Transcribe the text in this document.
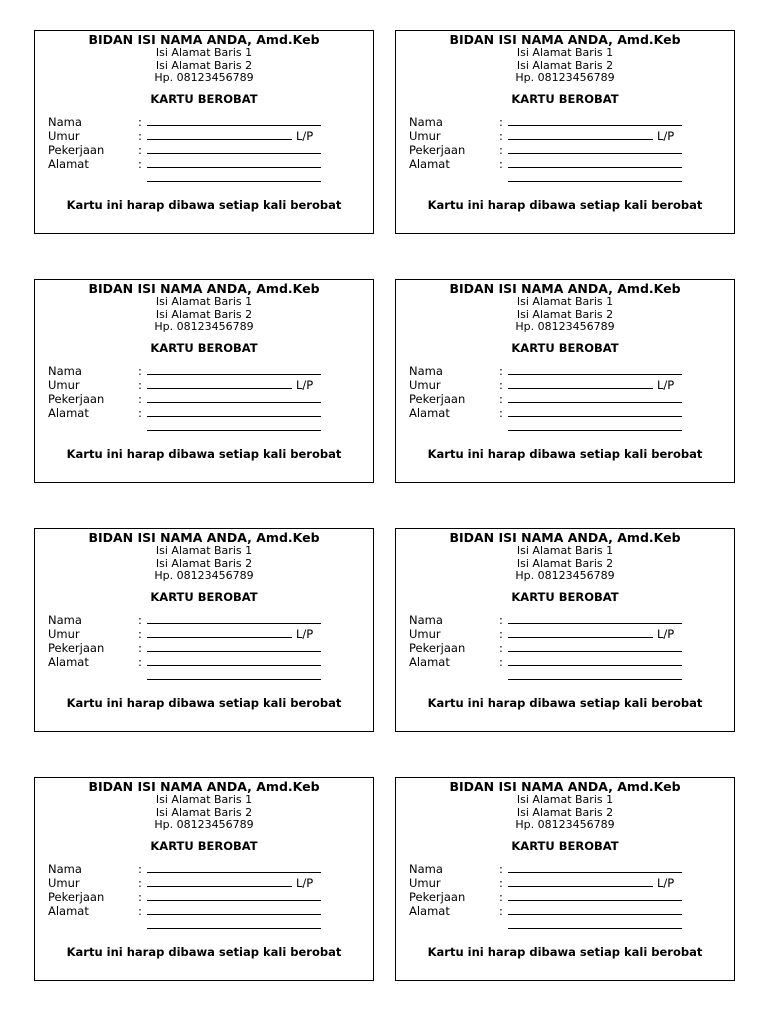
BIDAN ISI NAMA ANDA, Amd.Keb
Isi Alamat Baris 1
Isi Alamat Baris 2
Hp. 08123456789
KARTU BEROBAT
Nama	:
Umur	:	L/P
Pekerjaan	:
Alamat	:
Kartu ini harap dibawa setiap kali berobat
BIDAN ISI NAMA ANDA, Amd.Keb
Isi Alamat Baris 1
Isi Alamat Baris 2
Hp. 08123456789
KARTU BEROBAT
Nama	:
Umur	:	L/P
Pekerjaan	:
Alamat	:
Kartu ini harap dibawa setiap kali berobat
BIDAN ISI NAMA ANDA, Amd.Keb
Isi Alamat Baris 1
Isi Alamat Baris 2
Hp. 08123456789
KARTU BEROBAT
Nama	:
Umur	:	L/P
Pekerjaan	:
Alamat	:
Kartu ini harap dibawa setiap kali berobat
BIDAN ISI NAMA ANDA, Amd.Keb
Isi Alamat Baris 1
Isi Alamat Baris 2
Hp. 08123456789
KARTU BEROBAT
Nama	:
Umur	:	L/P
Pekerjaan	:
Alamat	:
Kartu ini harap dibawa setiap kali berobat
BIDAN ISI NAMA ANDA, Amd.Keb
Isi Alamat Baris 1
Isi Alamat Baris 2
Hp. 08123456789
KARTU BEROBAT
Nama	:
Umur	:	L/P
Pekerjaan	:
Alamat	:
Kartu ini harap dibawa setiap kali berobat
BIDAN ISI NAMA ANDA, Amd.Keb
Isi Alamat Baris 1
Isi Alamat Baris 2
Hp. 08123456789
KARTU BEROBAT
Nama	:
Umur	:	L/P
Pekerjaan	:
Alamat	:
Kartu ini harap dibawa setiap kali berobat
BIDAN ISI NAMA ANDA, Amd.Keb
Isi Alamat Baris 1
Isi Alamat Baris 2
Hp. 08123456789
KARTU BEROBAT
Nama	:
Umur	:	L/P
Pekerjaan	:
Alamat	:
Kartu ini harap dibawa setiap kali berobat
BIDAN ISI NAMA ANDA, Amd.Keb
Isi Alamat Baris 1
Isi Alamat Baris 2
Hp. 08123456789
KARTU BEROBAT
Nama	:
Umur	:	L/P
Pekerjaan	:
Alamat	:
Kartu ini harap dibawa setiap kali berobat
